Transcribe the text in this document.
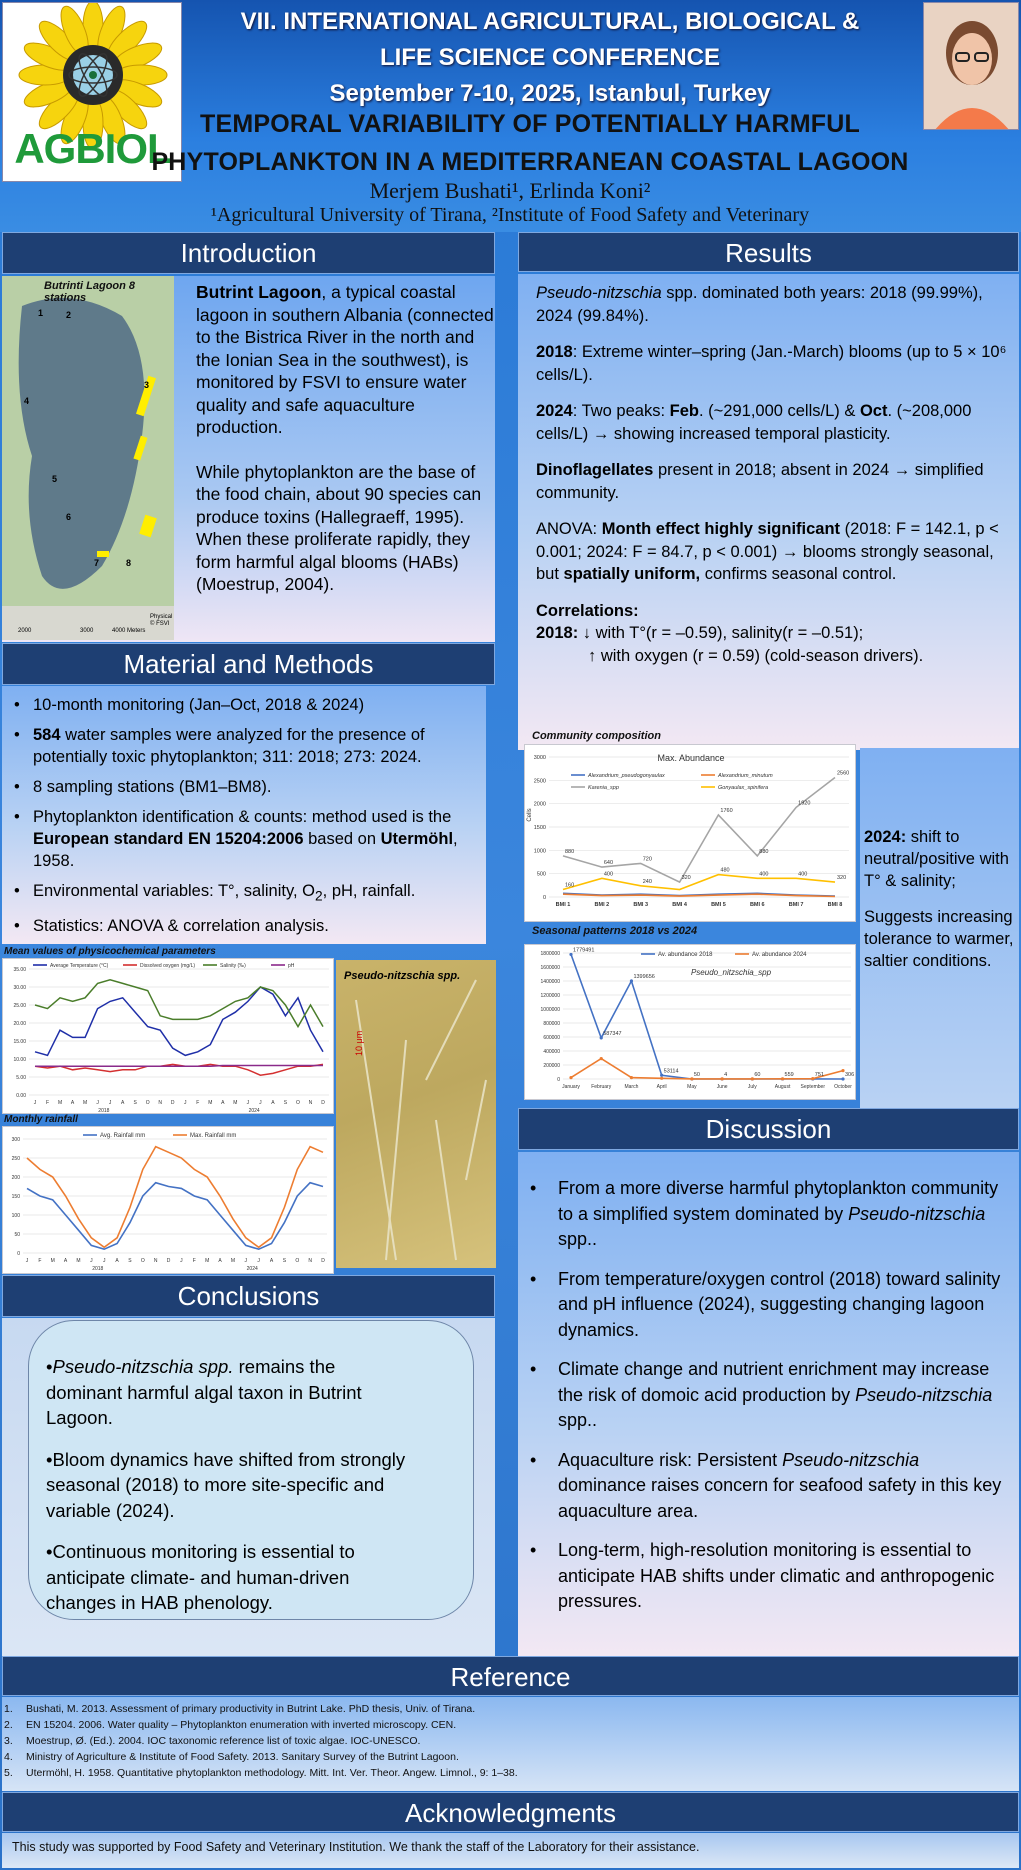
AGBIOL
VII. INTERNATIONAL AGRICULTURAL, BIOLOGICAL &
LIFE SCIENCE CONFERENCE
September 7-10, 2025, Istanbul, Turkey
TEMPORAL VARIABILITY OF POTENTIALLY HARMFUL
PHYTOPLANKTON IN A MEDITERRANEAN COASTAL LAGOON
Merjem Bushati¹, Erlinda Koni²
¹Agricultural University of Tirana, ²Institute of Food Safety and Veterinary
Introduction
Butrinti Lagoon 8 stations
1	2
3
4
5
6
7	8
2000	3000	4000 Meters
Physical © FSVI

Butrint Lagoon, a typical coastal lagoon in southern Albania (connected to the Bistrica River in the north and the Ionian Sea in the southwest), is monitored by FSVI to ensure water quality and safe aquaculture production.

While phytoplankton are the base of the food chain, about 90 species can produce toxins (Hallegraeff, 1995). When these proliferate rapidly, they form harmful algal blooms (HABs) (Moestrup, 2004).

Material and Methods
• 10-month monitoring (Jan–Oct, 2018 & 2024)
• 584 water samples were analyzed for the presence of potentially toxic phytoplankton; 311: 2018; 273: 2024.
• 8 sampling stations (BM1–BM8).
• Phytoplankton identification & counts: method used is the European standard EN 15204:2006 based on Utermöhl, 1958.
• Environmental variables: T°, salinity, $O_2$, pH, rainfall.
• Statistics: ANOVA & correlation analysis.
Mean values of physicochemical parameters
0.00
5.00
10.00
15.00
20.00
25.00
30.00
35.00
J F M A M J J A S O N D J F M A M J J A S O N D
2018	2024
Average Temperature (°C)	Dissolved oxygen (mg/L)	Salinity (‰)	pH
10 μm
Pseudo-nitzschia spp.
Monthly rainfall
0
50
100
150
200
250
300
J F M A M J J A S O N D J F M A M J J A S O N D
2018	2024
Avg. Rainfall mm	Max. Rainfall mm
Conclusions

•Pseudo-nitzschia spp. remains the dominant harmful algal taxon in Butrint Lagoon.

•Bloom dynamics have shifted from strongly seasonal (2018) to more site-specific and variable (2024).

•Continuous monitoring is essential to anticipate climate- and human-driven changes in HAB phenology.

Results

Pseudo-nitzschia spp. dominated both years: 2018 (99.99%), 2024 (99.84%).

2018: Extreme winter–spring (Jan.-March) blooms (up to 5 × 10⁶ cells/L).

2024: Two peaks: Feb. (~291,000 cells/L) & Oct. (~208,000 cells/L) → showing increased temporal plasticity.

Dinoflagellates present in 2018; absent in 2024 → simplified community.

ANOVA: Month effect highly significant (2018: F = 142.1, p < 0.001; 2024: F = 84.7, p < 0.001) → blooms strongly seasonal, but spatially uniform, confirms seasonal control.

Correlations:
2018: ↓ with T°(r = –0.59), salinity(r = –0.51);
↑ with oxygen (r = 0.59) (cold-season drivers).

Community composition
0
500
1000
1500
2000
2500
3000
BMI 1	BMI 2	BMI 3	BMI 4	BMI 5	BMI 6	BMI 7	BMI 8
880
640
720
320
1760
880
1920
2560
160
400
240
480
400	400
320
Alexandrium_pseudogonyaulax	Alexandrium_minutum
Karenia_spp	Gonyaulax_spinifera
Max. Abundance
Cells
Seasonal patterns 2018 vs 2024
0
200000
400000
600000
800000
1000000
1200000
1400000
1600000
1800000
January February	March	April	May	June	July	August September October
1779491
587347
1399656
53114
50	4	60	559	751	306
Av. abundance 2018	Av. abundance 2024
Pseudo_nitzschia_spp

2024: shift to neutral/positive with T° & salinity;

Suggests increasing tolerance to warmer, saltier conditions.

Discussion
• From a more diverse harmful phytoplankton community to a simplified system dominated by Pseudo-nitzschia spp..
• From temperature/oxygen control (2018) toward salinity and pH influence (2024), suggesting changing lagoon dynamics.
• Climate change and nutrient enrichment may increase the risk of domoic acid production by Pseudo-nitzschia spp..
• Aquaculture risk: Persistent Pseudo-nitzschia dominance raises concern for seafood safety in this key aquaculture area.
• Long-term, high-resolution monitoring is essential to anticipate HAB shifts under climatic and anthropogenic pressures.
Reference
1. Bushati, M. 2013. Assessment of primary productivity in Butrint Lake. PhD thesis, Univ. of Tirana.
2. EN 15204. 2006. Water quality – Phytoplankton enumeration with inverted microscopy. CEN.
3. Moestrup, Ø. (Ed.). 2004. IOC taxonomic reference list of toxic algae. IOC-UNESCO.
4. Ministry of Agriculture & Institute of Food Safety. 2013. Sanitary Survey of the Butrint Lagoon.
5. Utermöhl, H. 1958. Quantitative phytoplankton methodology. Mitt. Int. Ver. Theor. Angew. Limnol., 9: 1–38.
Acknowledgments
This study was supported by Food Safety and Veterinary Institution. We thank the staff of the Laboratory for their assistance.
